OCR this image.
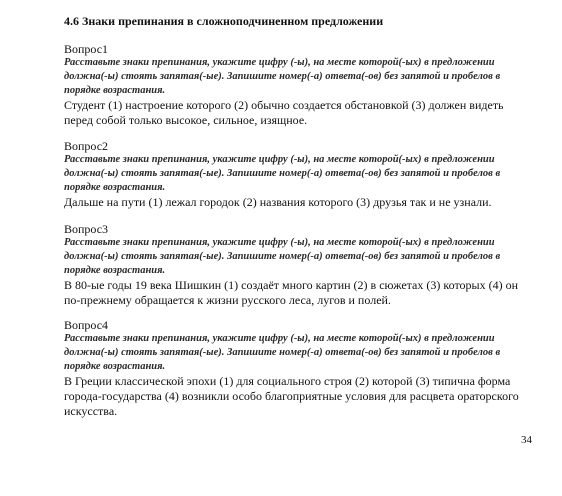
4.6 Знаки препинания в сложноподчиненном предложении

Вопрос1

Расставьте знаки препинания, укажите цифру (-ы), на месте которой(-ых) в предложении должна(-ы) стоять запятая(-ые). Запишите номер(-а) ответа(-ов) без запятой и пробелов в порядке возрастания.

Студент (1) настроение которого (2) обычно создается обстановкой (3) должен видеть перед собой только высокое, сильное, изящное.

Вопрос2

Расставьте знаки препинания, укажите цифру (-ы), на месте которой(-ых) в предложении должна(-ы) стоять запятая(-ые). Запишите номер(-а) ответа(-ов) без запятой и пробелов в порядке возрастания.

Дальше на пути (1) лежал городок (2) названия которого (3) друзья так и не узнали.

Вопрос3

Расставьте знаки препинания, укажите цифру (-ы), на месте которой(-ых) в предложении должна(-ы) стоять запятая(-ые). Запишите номер(-а) ответа(-ов) без запятой и пробелов в порядке возрастания.

В 80-ые годы 19 века Шишкин (1) создаёт много картин (2) в сюжетах (3) которых (4) он по-прежнему обращается к жизни русского леса, лугов и полей.

Вопрос4

Расставьте знаки препинания, укажите цифру (-ы), на месте которой(-ых) в предложении должна(-ы) стоять запятая(-ые). Запишите номер(-а) ответа(-ов) без запятой и пробелов в порядке возрастания.

В Греции классической эпохи (1) для социального строя (2) которой (3) типична форма города-государства (4) возникли особо благоприятные условия для расцвета ораторского искусства.

34
